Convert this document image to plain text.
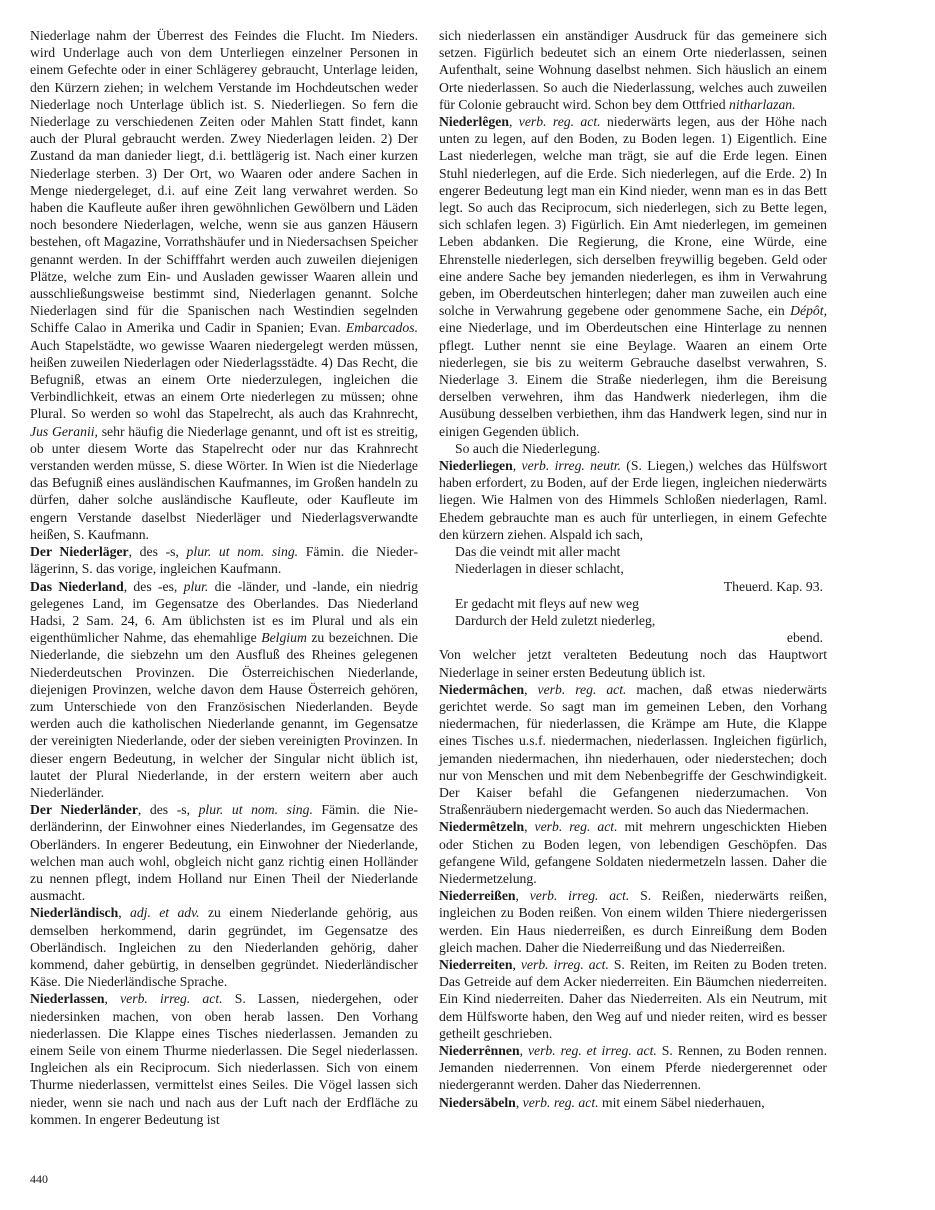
Niederlage nahm der Überrest des Feindes die Flucht. Im Nieders. wird Underlage auch von dem Unterliegen einzelner Personen in einem Gefechte oder in einer Schlägerey gebraucht, Unterlage leiden, den Kürzern ziehen; in welchem Verstande im Hochdeutschen weder Niederlage noch Unterlage üblich ist. S. Niederliegen. So fern die Niederlage zu verschiedenen Zeiten oder Mahlen Statt findet, kann auch der Plural gebraucht werden. Zwey Niederlagen leiden. 2) Der Zustand da man danieder liegt, d.i. bettlägerig ist. Nach einer kurzen Niederlage sterben. 3) Der Ort, wo Waaren oder andere Sachen in Menge niedergeleget, d.i. auf eine Zeit lang verwahret werden. So haben die Kaufleute außer ihren gewöhnlichen Gewölbern und Läden noch besondere Niederlagen, welche, wenn sie aus ganzen Häusern bestehen, oft Magazine, Vorrathshäufer und in Niedersachsen Speicher genannt werden. In der Schifffahrt werden auch zuweilen diejenigen Plätze, welche zum Ein- und Ausladen gewisser Waaren allein und ausschließungsweise bestimmt sind, Niederlagen genannt. Solche Niederlagen sind für die Spanischen nach Westindien segelnden Schiffe Calao in Amerika und Cadir in Spanien; Evan. Embarcados. Auch Stapelstädte, wo gewisse Waaren niedergelegt werden müssen, heißen zuweilen Niederlagen oder Niederlagsstädte. 4) Das Recht, die Befugniß, etwas an einem Orte niederzulegen, ingleichen die Verbindlichkeit, etwas an einem Orte niederlegen zu müssen; ohne Plural. So werden so wohl das Stapelrecht, als auch das Krahnrecht, Jus Geranii, sehr häufig die Niederlage genannt, und oft ist es streitig, ob unter diesem Worte das Stapelrecht oder nur das Krahnrecht verstanden werden müsse, S. diese Wörter. In Wien ist die Niederlage das Befugniß eines ausländischen Kaufmannes, im Großen handeln zu dürfen, daher solche ausländische Kaufleute, oder Kaufleute im engern Verstande daselbst Niederläger und Niederlagsverwandte heißen, S. Kaufmann.

Der Niederläger, des -s, plur. ut nom. sing. Fämin. die Niederlägerinn, S. das vorige, ingleichen Kaufmann.

Das Niederland, des -es, plur. die -länder, und -lande, ein niedrig gelegenes Land, im Gegensatze des Oberlandes. Das Niederland Hadsi, 2 Sam. 24, 6. Am üblichsten ist es im Plural und als ein eigenthümlicher Nahme, das ehemahlige Belgium zu bezeichnen. Die Niederlande, die siebzehn um den Ausfluß des Rheines gelegenen Niederdeutschen Provinzen. Die Österreichischen Niederlande, diejenigen Provinzen, welche davon dem Hause Österreich gehören, zum Unterschiede von den Französischen Niederlanden. Beyde werden auch die katholischen Niederlande genannt, im Gegensatze der vereinigten Niederlande, oder der sieben vereinigten Provinzen. In dieser engern Bedeutung, in welcher der Singular nicht üblich ist, lautet der Plural Niederlande, in der erstern weitern aber auch Niederländer.

Der Niederländer, des -s, plur. ut nom. sing. Fämin. die Niederländerinn, der Einwohner eines Niederlandes, im Gegensatze des Oberländers. In engerer Bedeutung, ein Einwohner der Niederlande, welchen man auch wohl, obgleich nicht ganz richtig einen Holländer zu nennen pflegt, indem Holland nur Einen Theil der Niederlande ausmacht.

Niederländisch, adj. et adv. zu einem Niederlande gehörig, aus demselben herkommend, darin gegründet, im Gegensatze des Oberländisch. Ingleichen zu den Niederlanden gehörig, daher kommend, daher gebürtig, in denselben gegründet. Niederländischer Käse. Die Niederländische Sprache.

Niederlassen, verb. irreg. act. S. Lassen, niedergehen, oder niedersinken machen, von oben herab lassen. Den Vorhang niederlassen. Die Klappe eines Tisches niederlassen. Jemanden zu einem Seile von einem Thurme niederlassen. Die Segel niederlassen. Ingleichen als ein Reciprocum. Sich niederlassen. Sich von einem Thurme niederlassen, vermittelst eines Seiles. Die Vögel lassen sich nieder, wenn sie nach und nach aus der Luft nach der Erdfläche zu kommen. In engerer Bedeutung ist

sich niederlassen ein anständiger Ausdruck für das gemeinere sich setzen. Figürlich bedeutet sich an einem Orte niederlassen, seinen Aufenthalt, seine Wohnung daselbst nehmen. Sich häuslich an einem Orte niederlassen. So auch die Niederlassung, welches auch zuweilen für Colonie gebraucht wird. Schon bey dem Ottfried nitharlazan.

Niederlêgen, verb. reg. act. niederwärts legen, aus der Höhe nach unten zu legen, auf den Boden, zu Boden legen. 1) Eigentlich. Eine Last niederlegen, welche man trägt, sie auf die Erde legen. Einen Stuhl niederlegen, auf die Erde. Sich niederlegen, auf die Erde. 2) In engerer Bedeutung legt man ein Kind nieder, wenn man es in das Bett legt. So auch das Reciprocum, sich niederlegen, sich zu Bette legen, sich schlafen legen. 3) Figürlich. Ein Amt niederlegen, im gemeinen Leben abdanken. Die Regierung, die Krone, eine Würde, eine Ehrenstelle niederlegen, sich derselben freywillig begeben. Geld oder eine andere Sache bey jemanden niederlegen, es ihm in Verwahrung geben, im Oberdeutschen hinterlegen; daher man zuweilen auch eine solche in Verwahrung gegebene oder genommene Sache, ein Dépôt, eine Niederlage, und im Oberdeutschen eine Hinterlage zu nennen pflegt. Luther nennt sie eine Beylage. Waaren an einem Orte niederlegen, sie bis zu weiterm Gebrauche daselbst verwahren, S. Niederlage 3. Einem die Straße niederlegen, ihm die Bereisung derselben verwehren, ihm das Handwerk niederlegen, ihm die Ausübung desselben verbiethen, ihm das Handwerk legen, sind nur in einigen Gegenden üblich.

So auch die Niederlegung.

Niederliegen, verb. irreg. neutr. (S. Liegen,) welches das Hülfswort haben erfordert, zu Boden, auf der Erde liegen, ingleichen niederwärts liegen. Wie Halmen von des Himmels Schloßen niederlagen, Raml. Ehedem gebrauchte man es auch für unterliegen, in einem Gefechte den kürzern ziehen. Alspald ich sach,

Das die veindt mit aller macht
Niederlagen in dieser schlacht,
Theuerd. Kap. 93.
Er gedacht mit fleys auf new weg
Dardurch der Held zuletzt niederleg,
ebend.

Von welcher jetzt veralteten Bedeutung noch das Hauptwort Niederlage in seiner ersten Bedeutung üblich ist.

Niedermâchen, verb. reg. act. machen, daß etwas niederwärts gerichtet werde. So sagt man im gemeinen Leben, den Vorhang niedermachen, für niederlassen, die Krämpe am Hute, die Klappe eines Tisches u.s.f. niedermachen, niederlassen. Ingleichen figürlich, jemanden niedermachen, ihn niederhauen, oder niederstechen; doch nur von Menschen und mit dem Nebenbegriffe der Geschwindigkeit. Der Kaiser befahl die Gefangenen niederzumachen. Von Straßenräubern niedergemacht werden. So auch das Niedermachen.

Niedermêtzeln, verb. reg. act. mit mehrern ungeschickten Hieben oder Stichen zu Boden legen, von lebendigen Geschöpfen. Das gefangene Wild, gefangene Soldaten niedermetzeln lassen. Daher die Niedermetzelung.

Niederreißen, verb. irreg. act. S. Reißen, niederwärts reißen, ingleichen zu Boden reißen. Von einem wilden Thiere niedergerissen werden. Ein Haus niederreißen, es durch Einreißung dem Boden gleich machen. Daher die Niederreißung und das Niederreißen.

Niederreiten, verb. irreg. act. S. Reiten, im Reiten zu Boden treten. Das Getreide auf dem Acker niederreiten. Ein Bäumchen niederreiten. Ein Kind niederreiten. Daher das Niederreiten. Als ein Neutrum, mit dem Hülfsworte haben, den Weg auf und nieder reiten, wird es besser getheilt geschrieben.

Niederrênnen, verb. reg. et irreg. act. S. Rennen, zu Boden rennen. Jemanden niederrennen. Von einem Pferde niedergerennet oder niedergerannt werden. Daher das Niederrennen.

Niedersäbeln, verb. reg. act. mit einem Säbel niederhauen,

440
